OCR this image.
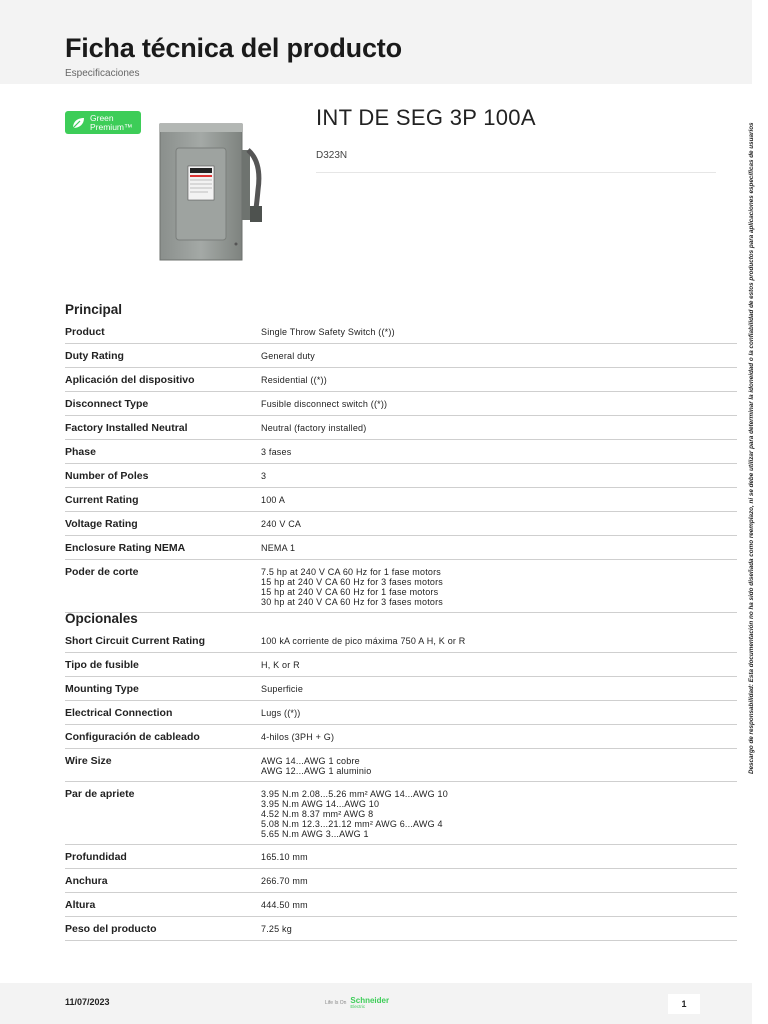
Ficha técnica del producto
Especificaciones
Green
Premium™	INT DE SEG 3P 100A
D323N	Descargo de responsabilidad: Esta documentación no ha sido diseñada como reemplazo, ni se debe utilizar para determinar la idoneidad o la confiabilidad de estos productos para aplicaciones específicas de usuarios
Principal
Product	Single Throw Safety Switch ((*))
Duty Rating	General duty
Aplicación del dispositivo	Residential ((*))
Disconnect Type	Fusible disconnect switch ((*))
Factory Installed Neutral	Neutral (factory installed)
Phase	3 fases
Number of Poles	3
Current Rating	100 A
Voltage Rating	240 V CA
Enclosure Rating NEMA	NEMA 1
Poder de corte	7.5 hp at 240 V CA 60 Hz for 1 fase motors
15 hp at 240 V CA 60 Hz for 3 fases motors
15 hp at 240 V CA 60 Hz for 1 fase motors
30 hp at 240 V CA 60 Hz for 3 fases motors
Opcionales
Short Circuit Current Rating	100 kA corriente de pico máxima 750 A H, K or R
Tipo de fusible	H, K or R
Mounting Type	Superficie
Electrical Connection	Lugs ((*))
Configuración de cableado	4-hilos (3PH + G)
Wire Size	AWG 14...AWG 1 cobre
AWG 12...AWG 1 aluminio
Par de apriete	3.95 N.m 2.08...5.26 mm² AWG 14...AWG 10
3.95 N.m AWG 14...AWG 10
4.52 N.m 8.37 mm² AWG 8
5.08 N.m 12.3...21.12 mm² AWG 6...AWG 4
5.65 N.m AWG 3...AWG 1
Profundidad	165.10 mm
Anchura	266.70 mm
Altura	444.50 mm
Peso del producto	7.25 kg
11/07/2023	Life Is On Schneider
Electric	1
